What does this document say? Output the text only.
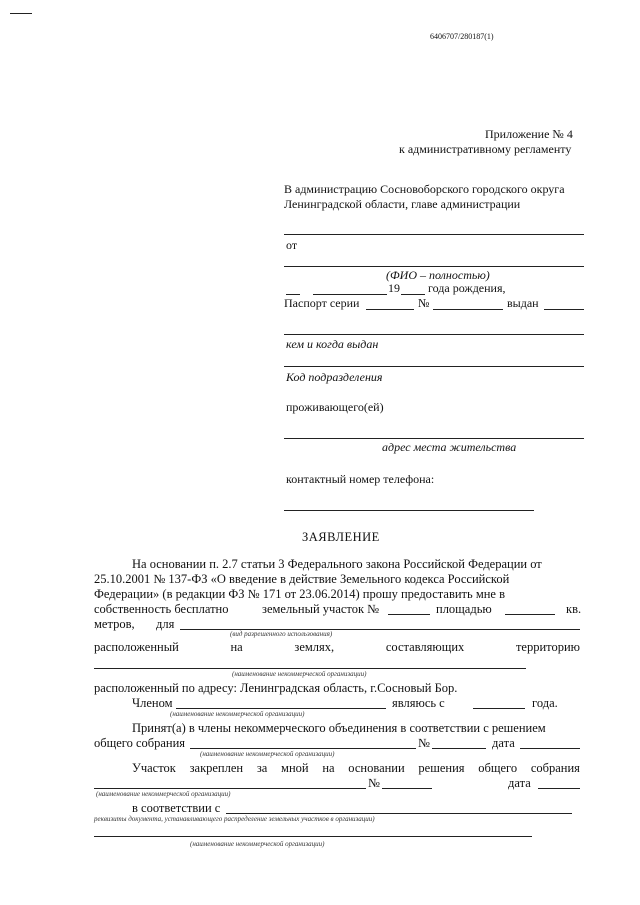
6406707/280187(1)
Приложение № 4
к административному регламенту
В администрацию Сосновоборского городского округа
Ленинградской области, главе администрации
от
(ФИО – полностью)
19 года рождения,
Паспорт серии	№	выдан
кем и когда выдан
Код подразделения
проживающего(ей)
адрес места жительства
контактный номер телефона:
ЗАЯВЛЕНИЕ
На основании п. 2.7 статьи 3 Федерального закона Российской Федерации от
25.10.2001 № 137-ФЗ «О введение в действие Земельного кодекса Российской
Федерации» (в редакции ФЗ № 171 от 23.06.2014) прошу предоставить мне в
собственность бесплатно	земельный участок №	площадью	кв.
метров, для
(вид разрешенного использования)
расположенный	на	землях,	составляющих	территорию
(наименование некоммерческой организации)
расположенный по адресу: Ленинградская область, г.Сосновый Бор.
Членом	являюсь с	года.
(наименование некоммерческой организации)
Принят(а) в члены некоммерческого объединения в соответствии с решением
общего собрания	№	дата
(наименование некоммерческой организации)
Участок закреплен за мной на основании решения общего собрания
№	дата
(наименование некоммерческой организации)
в соответствии с
реквизиты документа, устанавливающего распределение земельных участков в организации)
(наименование некоммерческой организации)
